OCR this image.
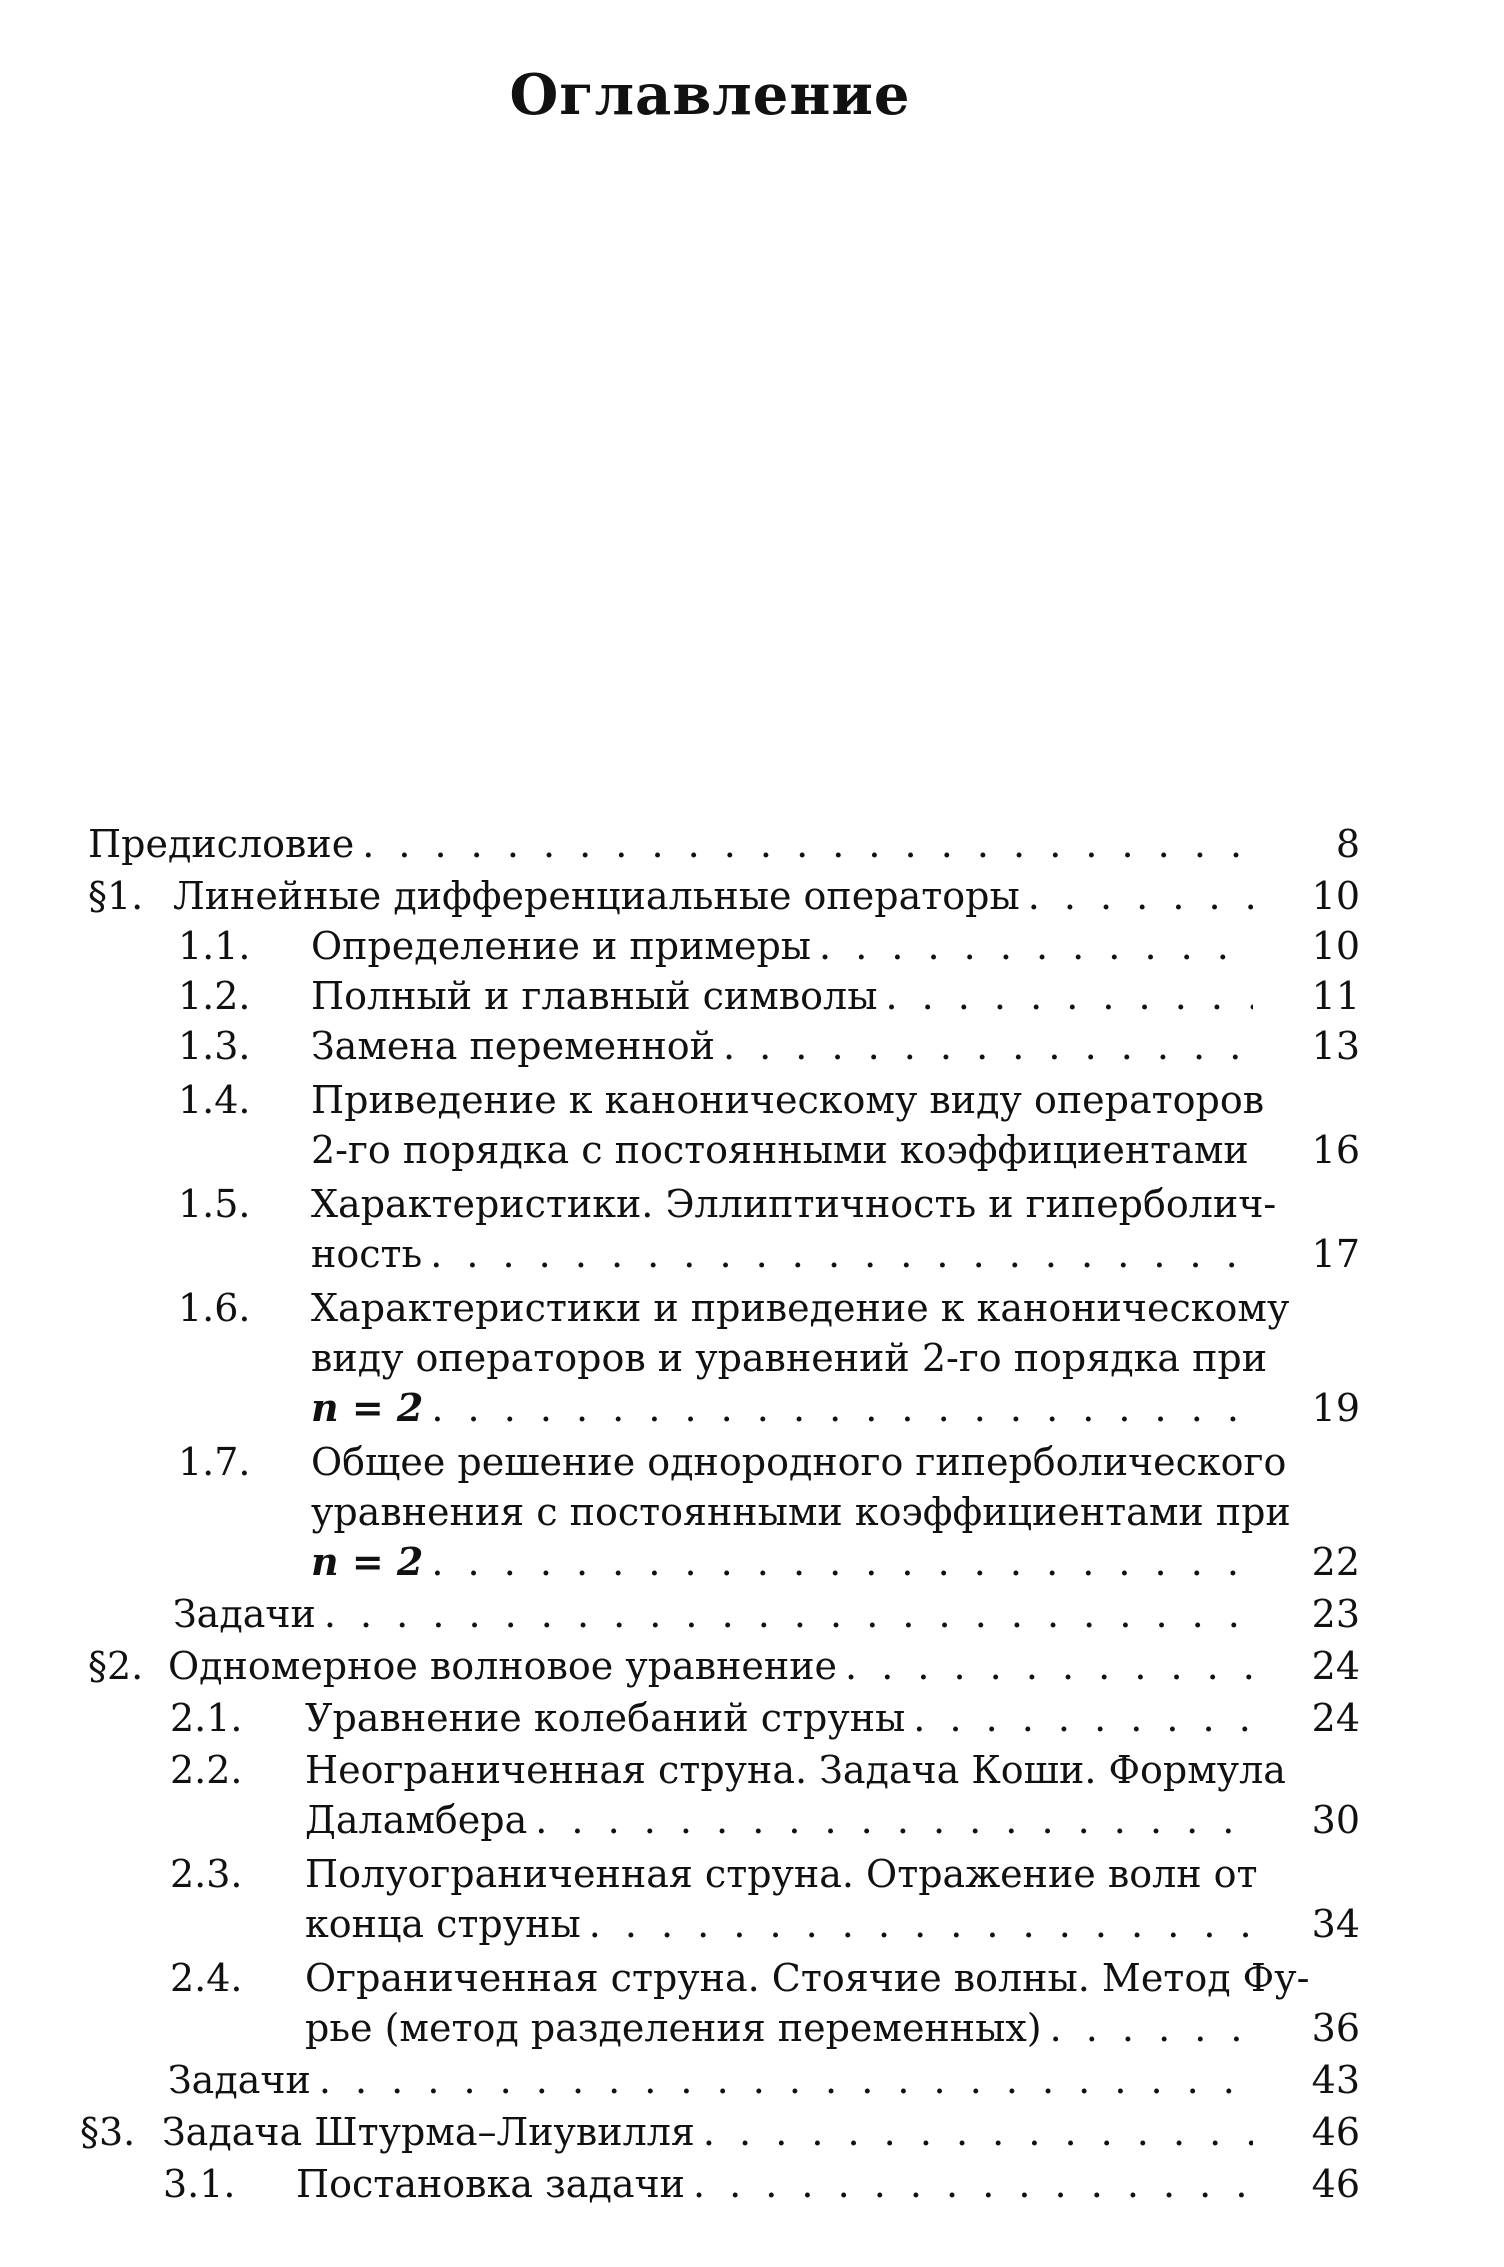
Оглавление
Предисловие . . .	8
§1. Линейные дифференциальные операторы . . .	10
1.1. Определение и примеры . . .	10
1.2. Полный и главный символы . . .	11
1.3. Замена переменной . . .	13
1.4. Приведение к каноническому виду операторов
2-го порядка с постоянными коэффициентами	16
1.5. Характеристики. Эллиптичность и гиперболич-
ность . . .	17
1.6. Характеристики и приведение к каноническому
виду операторов и уравнений 2-го порядка при
n = 2 . . .	19
1.7. Общее решение однородного гиперболического
уравнения с постоянными коэффициентами при
n = 2 . . .	22
Задачи . . .	23
§2. Одномерное волновое уравнение . . .	24
2.1. Уравнение колебаний струны . . .	24
2.2. Неограниченная струна. Задача Коши. Формула
Даламбера . . .	30
2.3. Полуограниченная струна. Отражение волн от
конца струны . . .	34
2.4. Ограниченная струна. Стоячие волны. Метод Фу-
рье (метод разделения переменных) . . .	36
Задачи . . .	43
§3. Задача Штурма–Лиувилля . . .	46
3.1. Постановка задачи . . .	46
